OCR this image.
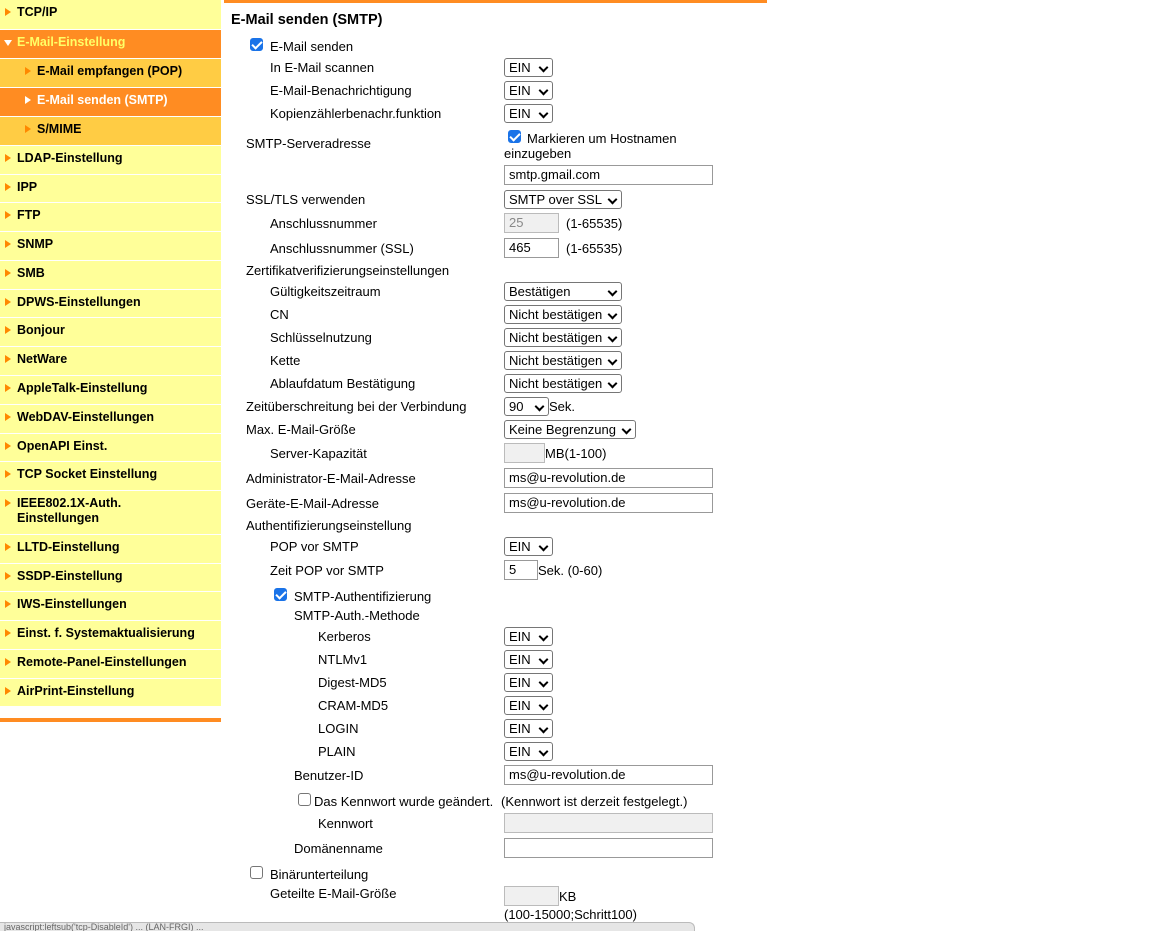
TCP/IP
E-Mail-Einstellung
E-Mail empfangen (POP)
E-Mail senden (SMTP)
S/MIME
LDAP-Einstellung
IPP
FTP
SNMP
SMB
DPWS-Einstellungen
Bonjour
NetWare
AppleTalk-Einstellung
WebDAV-Einstellungen
OpenAPI Einst.
TCP Socket Einstellung
IEEE802.1X-Auth. Einstellungen
LLTD-Einstellung
SSDP-Einstellung
IWS-Einstellungen
Einst. f. Systemaktualisierung
Remote-Panel-Einstellungen
AirPrint-Einstellung
E-Mail senden (SMTP)
E-Mail senden
In E-Mail scannen	EIN
E-Mail-Benachrichtigung	EIN
Kopienzählerbenachr.funktion	EIN
SMTP-Serveradresse	Markieren um Hostnamen
einzugeben
smtp.gmail.com
SSL/TLS verwenden	SMTP over SSL
Anschlussnummer	25	(1-65535)
Anschlussnummer (SSL)	465	(1-65535)
Zertifikatverifizierungseinstellungen
Gültigkeitszeitraum	Bestätigen
CN	Nicht bestätigen
Schlüsselnutzung	Nicht bestätigen
Kette	Nicht bestätigen
Ablaufdatum Bestätigung	Nicht bestätigen
Zeitüberschreitung bei der Verbindung	90	Sek.
Max. E-Mail-Größe	Keine Begrenzung
Server-Kapazität	MB(1-100)
Administrator-E-Mail-Adresse	ms@u-revolution.de
Geräte-E-Mail-Adresse	ms@u-revolution.de
Authentifizierungseinstellung
POP vor SMTP	EIN
Zeit POP vor SMTP	5	Sek. (0-60)
SMTP-Authentifizierung
SMTP-Auth.-Methode
Kerberos	EIN
NTLMv1	EIN
Digest-MD5	EIN
CRAM-MD5	EIN
LOGIN	EIN
PLAIN	EIN
Benutzer-ID	ms@u-revolution.de
Das Kennwort wurde geändert. (Kennwort ist derzeit festgelegt.)
Kennwort
Domänenname
Binärunterteilung
Geteilte E-Mail-Größe	KB
(100-15000;Schritt100)
javascript:leftsub('tcp-DisableId') ... (LAN-FRGI) ...
